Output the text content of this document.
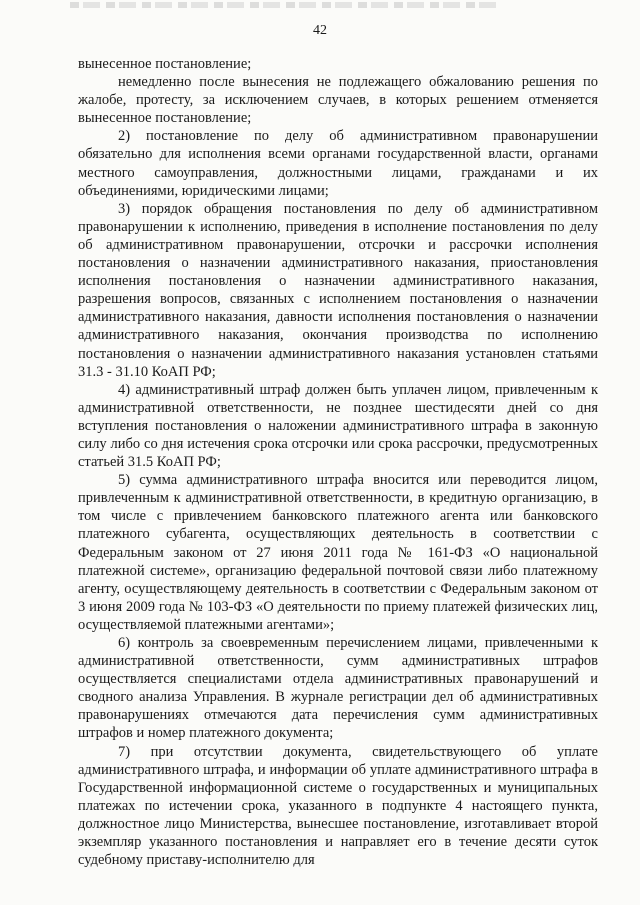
42

вынесенное постановление;

немедленно после вынесения не подлежащего обжалованию решения по жалобе, протесту, за исключением случаев, в которых решением отменяется вынесенное постановление;

2) постановление по делу об административном правонарушении обязательно для исполнения всеми органами государственной власти, органами местного самоуправления, должностными лицами, гражданами и их объединениями, юридическими лицами;

3) порядок обращения постановления по делу об административном правонарушении к исполнению, приведения в исполнение постановления по делу об административном правонарушении, отсрочки и рассрочки исполнения постановления о назначении административного наказания, приостановления исполнения постановления о назначении административного наказания, разрешения вопросов, связанных с исполнением постановления о назначении административного наказания, давности исполнения постановления о назначении административного наказания, окончания производства по исполнению постановления о назначении административного наказания установлен статьями 31.3 - 31.10 КоАП РФ;

4) административный штраф должен быть уплачен лицом, привлеченным к административной ответственности, не позднее шестидесяти дней со дня вступления постановления о наложении административного штрафа в законную силу либо со дня истечения срока отсрочки или срока рассрочки, предусмотренных статьей 31.5 КоАП РФ;

5) сумма административного штрафа вносится или переводится лицом, привлеченным к административной ответственности, в кредитную организацию, в том числе с привлечением банковского платежного агента или банковского платежного субагента, осуществляющих деятельность в соответствии с Федеральным законом от 27 июня 2011 года № 161-ФЗ «О национальной платежной системе», организацию федеральной почтовой связи либо платежному агенту, осуществляющему деятельность в соответствии с Федеральным законом от 3 июня 2009 года № 103-ФЗ «О деятельности по приему платежей физических лиц, осуществляемой платежными агентами»;

6) контроль за своевременным перечислением лицами, привлеченными к административной ответственности, сумм административных штрафов осуществляется специалистами отдела административных правонарушений и сводного анализа Управления. В журнале регистрации дел об административных правонарушениях отмечаются дата перечисления сумм административных штрафов и номер платежного документа;

7) при отсутствии документа, свидетельствующего об уплате административного штрафа, и информации об уплате административного штрафа в Государственной информационной системе о государственных и муниципальных платежах по истечении срока, указанного в подпункте 4 настоящего пункта, должностное лицо Министерства, вынесшее постановление, изготавливает второй экземпляр указанного постановления и направляет его в течение десяти суток судебному приставу-исполнителю для
